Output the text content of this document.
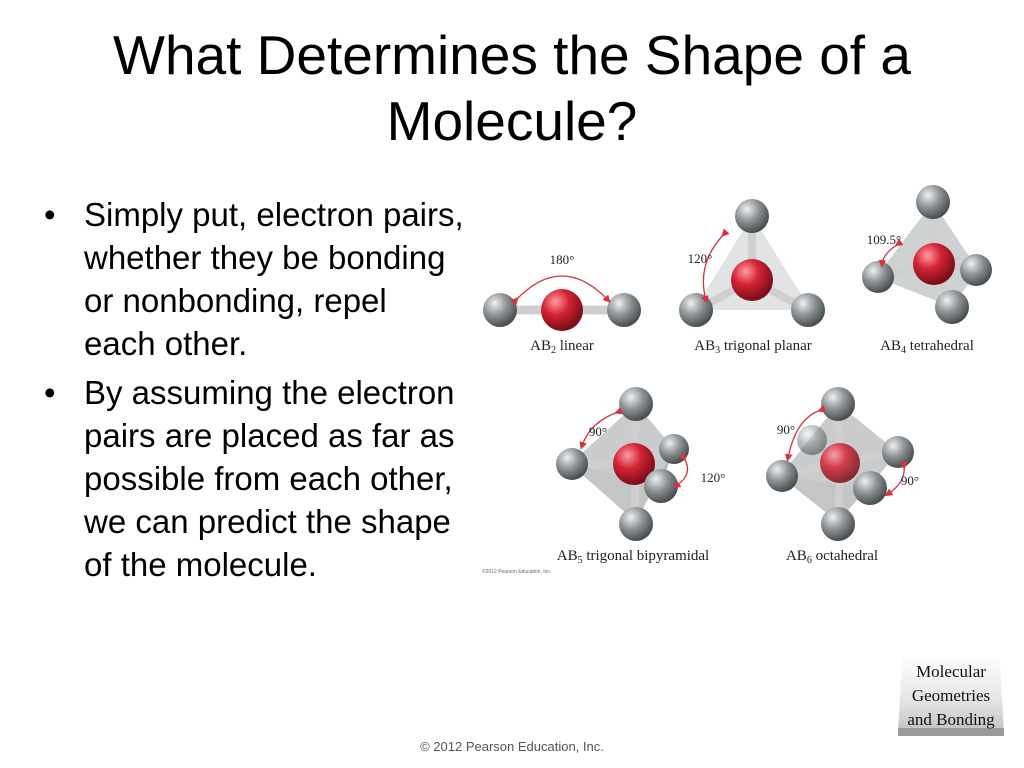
What Determines the Shape of a Molecule?
• Simply put, electron pairs, whether they be bonding or nonbonding, repel each other.
• By assuming the electron pairs are placed as far as possible from each other, we can predict the shape of the molecule.
180°
$AB_2$ linear
120°
$AB_3$ trigonal planar
109.5°
$AB_4$ tetrahedral
90°
120°
$AB_5$ trigonal bipyramidal
©2012 Pearson Education, Inc.
90°
90°
$AB_6$ octahedral
Molecular
Geometries
and Bonding
© 2012 Pearson Education, Inc.
